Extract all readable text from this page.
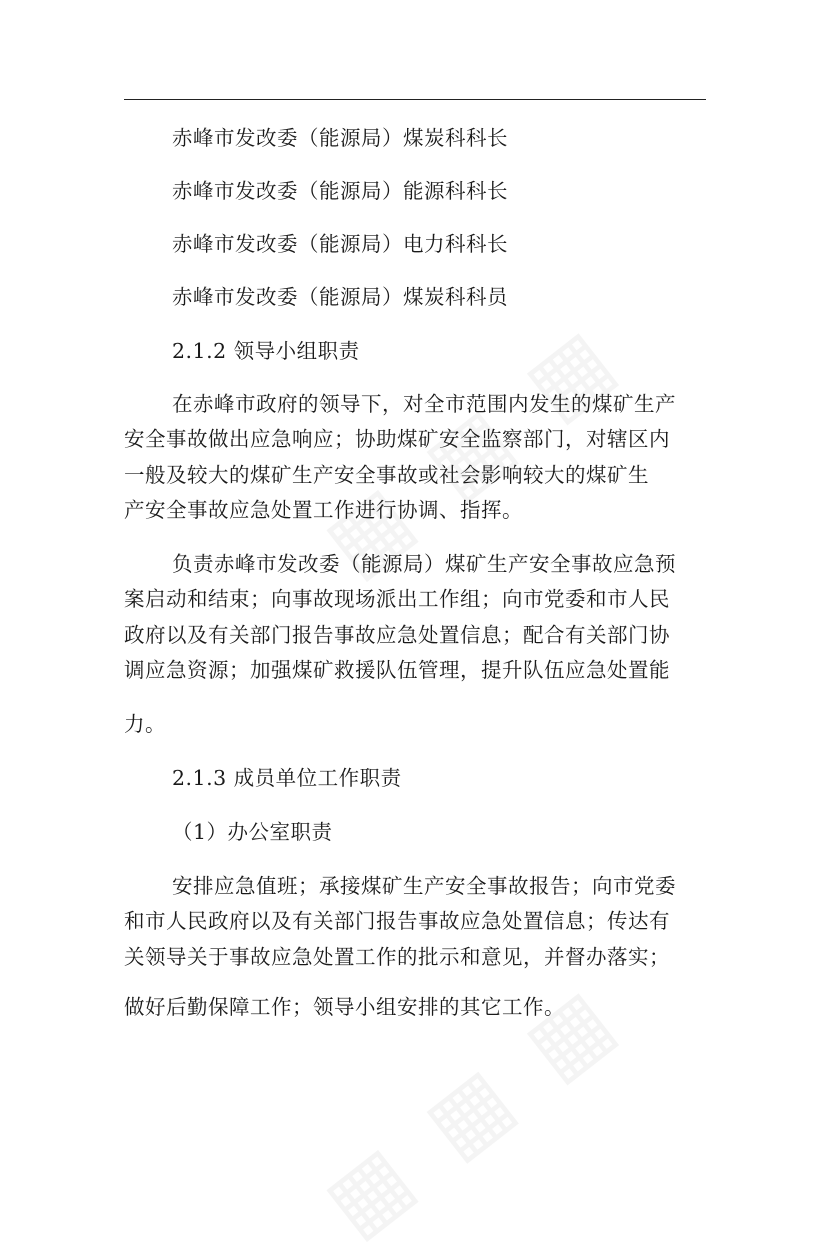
赤峰市发改委（能源局）煤炭科科长
赤峰市发改委（能源局）能源科科长
赤峰市发改委（能源局）电力科科长
赤峰市发改委（能源局）煤炭科科员
2.1.2 领导小组职责
在赤峰市政府的领导下，对全市范围内发生的煤矿生产
安全事故做出应急响应；协助煤矿安全监察部门，对辖区内
一般及较大的煤矿生产安全事故或社会影响较大的煤矿生
产安全事故应急处置工作进行协调、指挥。
负责赤峰市发改委（能源局）煤矿生产安全事故应急预
案启动和结束；向事故现场派出工作组；向市党委和市人民
政府以及有关部门报告事故应急处置信息；配合有关部门协
调应急资源；加强煤矿救援队伍管理，提升队伍应急处置能
力。
2.1.3 成员单位工作职责
（1）办公室职责
安排应急值班；承接煤矿生产安全事故报告；向市党委
和市人民政府以及有关部门报告事故应急处置信息；传达有
关领导关于事故应急处置工作的批示和意见，并督办落实；
做好后勤保障工作；领导小组安排的其它工作。
